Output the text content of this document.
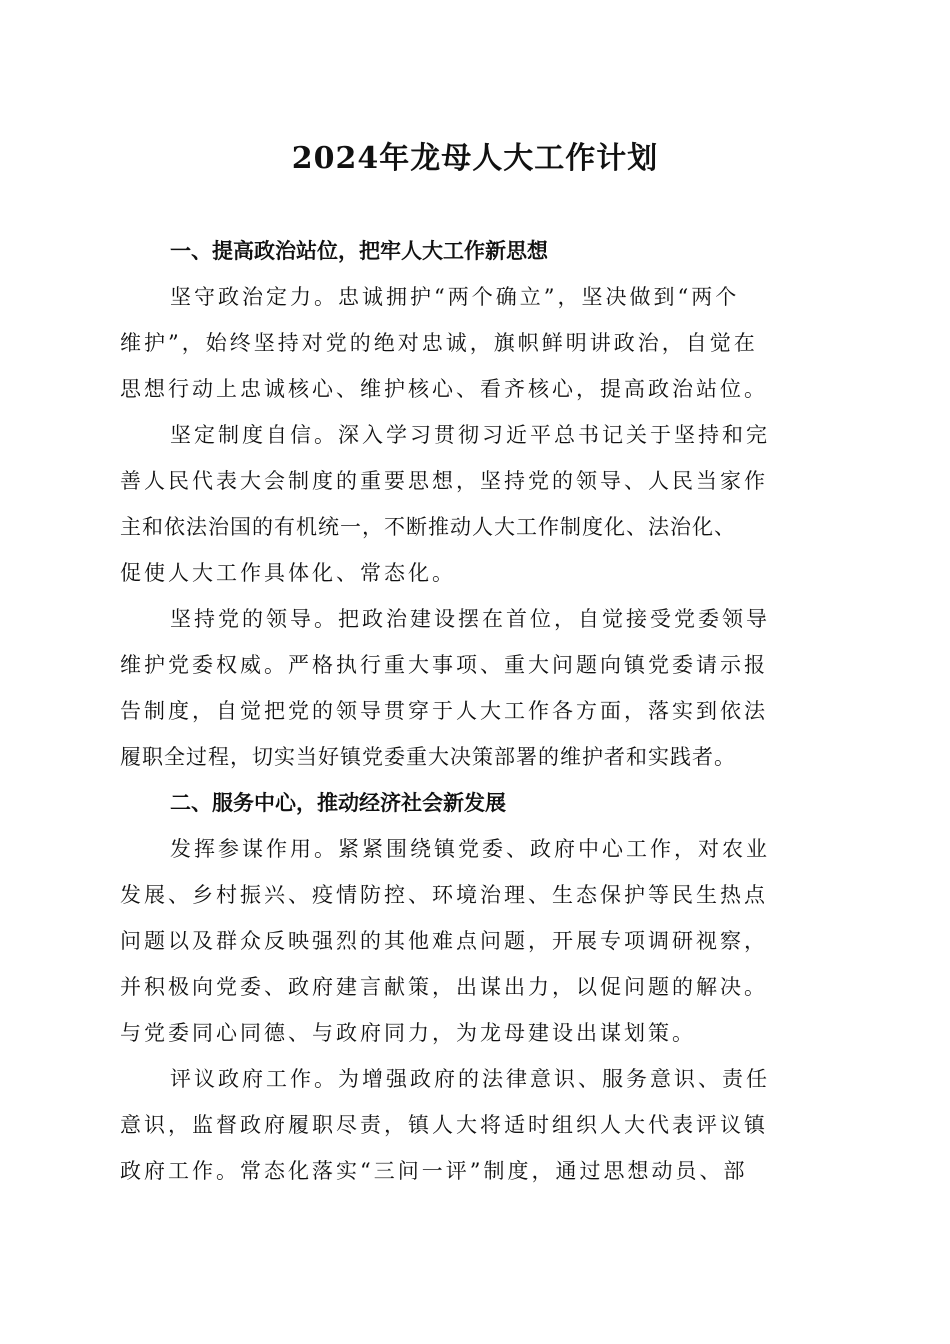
2024年龙母人大工作计划
一、提高政治站位，把牢人大工作新思想

坚守政治定力。忠诚拥护“两个确立”，坚决做到“两个
维护”，始终坚持对党的绝对忠诚，旗帜鲜明讲政治，自觉在
思想行动上忠诚核心、维护核心、看齐核心，提高政治站位。

坚定制度自信。深入学习贯彻习近平总书记关于坚持和完
善人民代表大会制度的重要思想，坚持党的领导、人民当家作
主和依法治国的有机统一，不断推动人大工作制度化、法治化、
促使人大工作具体化、常态化。

坚持党的领导。把政治建设摆在首位，自觉接受党委领导
维护党委权威。严格执行重大事项、重大问题向镇党委请示报
告制度，自觉把党的领导贯穿于人大工作各方面，落实到依法
履职全过程，切实当好镇党委重大决策部署的维护者和实践者。

二、服务中心，推动经济社会新发展

发挥参谋作用。紧紧围绕镇党委、政府中心工作，对农业
发展、乡村振兴、疫情防控、环境治理、生态保护等民生热点
问题以及群众反映强烈的其他难点问题，开展专项调研视察，
并积极向党委、政府建言献策，出谋出力，以促问题的解决。
与党委同心同德、与政府同力，为龙母建设出谋划策。

评议政府工作。为增强政府的法律意识、服务意识、责任
意识，监督政府履职尽责，镇人大将适时组织人大代表评议镇
政府工作。常态化落实“三问一评”制度，通过思想动员、部
